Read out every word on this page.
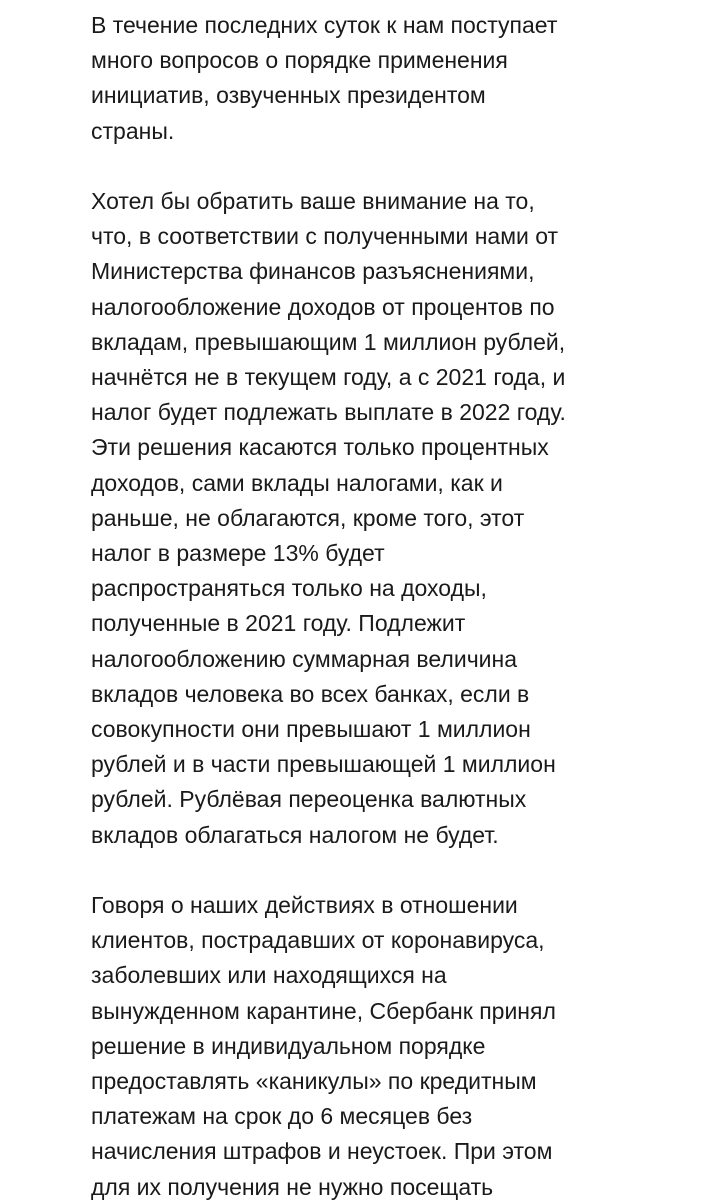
В течение последних суток к нам поступает
много вопросов о порядке применения
инициатив, озвученных президентом
страны.
Хотел бы обратить ваше внимание на то,
что, в соответствии с полученными нами от
Министерства финансов разъяснениями,
налогообложение доходов от процентов по
вкладам, превышающим 1 миллион рублей,
начнётся не в текущем году, а с 2021 года, и
налог будет подлежать выплате в 2022 году.
Эти решения касаются только процентных
доходов, сами вклады налогами, как и
раньше, не облагаются, кроме того, этот
налог в размере 13% будет
распространяться только на доходы,
полученные в 2021 году. Подлежит
налогообложению суммарная величина
вкладов человека во всех банках, если в
совокупности они превышают 1 миллион
рублей и в части превышающей 1 миллион
рублей. Рублёвая переоценка валютных
вкладов облагаться налогом не будет.
Говоря о наших действиях в отношении
клиентов, пострадавших от коронавируса,
заболевших или находящихся на
вынужденном карантине, Сбербанк принял
решение в индивидуальном порядке
предоставлять «каникулы» по кредитным
платежам на срок до 6 месяцев без
начисления штрафов и неустоек. При этом
для их получения не нужно посещать
